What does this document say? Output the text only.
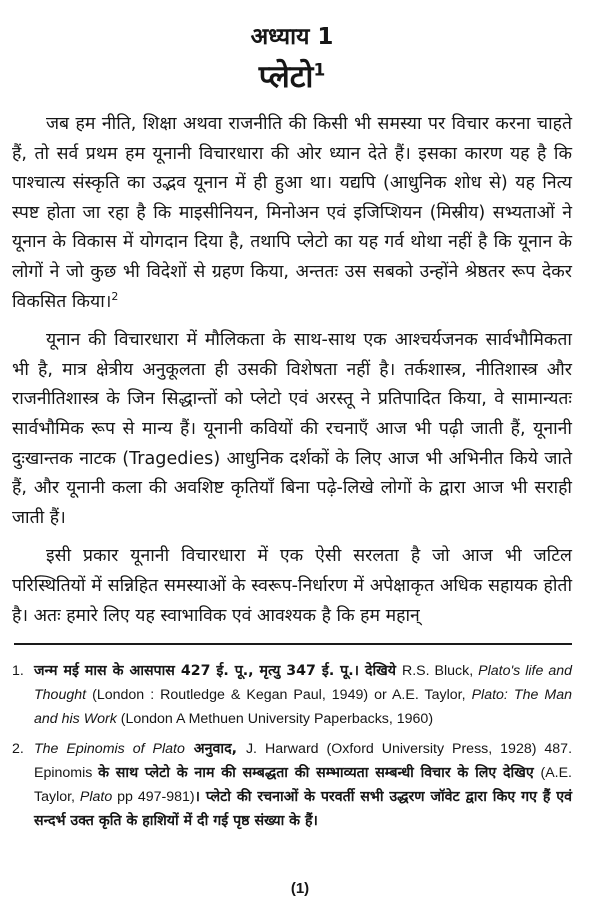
अध्याय 1
प्लेटो$^1$

जब हम नीति, शिक्षा अथवा राजनीति की किसी भी समस्या पर विचार करना चाहते हैं, तो सर्व प्रथम हम यूनानी विचारधारा की ओर ध्यान देते हैं। इसका कारण यह है कि पाश्चात्य संस्कृति का उद्भव यूनान में ही हुआ था। यद्यपि (आधुनिक शोध से) यह नित्य स्पष्ट होता जा रहा है कि माइसीनियन, मिनोअन एवं इजिप्शियन (मिस्रीय) सभ्यताओं ने यूनान के विकास में योगदान दिया है, तथापि प्लेटो का यह गर्व थोथा नहीं है कि यूनान के लोगों ने जो कुछ भी विदेशों से ग्रहण किया, अन्ततः उस सबको उन्होंने श्रेष्ठतर रूप देकर विकसित किया।$^2$

यूनान की विचारधारा में मौलिकता के साथ-साथ एक आश्चर्यजनक सार्वभौमिकता भी है, मात्र क्षेत्रीय अनुकूलता ही उसकी विशेषता नहीं है। तर्कशास्त्र, नीतिशास्त्र और राजनीतिशास्त्र के जिन सिद्धान्तों को प्लेटो एवं अरस्तू ने प्रतिपादित किया, वे सामान्यतः सार्वभौमिक रूप से मान्य हैं। यूनानी कवियों की रचनाएँ आज भी पढ़ी जाती हैं, यूनानी दुःखान्तक नाटक (Tragedies) आधुनिक दर्शकों के लिए आज भी अभिनीत किये जाते हैं, और यूनानी कला की अवशिष्ट कृतियाँ बिना पढ़े-लिखे लोगों के द्वारा आज भी सराही जाती हैं।

इसी प्रकार यूनानी विचारधारा में एक ऐसी सरलता है जो आज भी जटिल परिस्थितियों में सन्निहित समस्याओं के स्वरूप-निर्धारण में अपेक्षाकृत अधिक सहायक होती है। अतः हमारे लिए यह स्वाभाविक एवं आवश्यक है कि हम महान्

1. जन्म मई मास के आसपास 427 ई. पू., मृत्यु 347 ई. पू.। देखिये R.S. Bluck, Plato's life and Thought (London : Routledge & Kegan Paul, 1949) or A.E. Taylor, Plato: The Man and his Work (London A Methuen University Paperbacks, 1960)
2. The Epinomis of Plato अनुवाद, J. Harward (Oxford University Press, 1928) 487. Epinomis के साथ प्लेटो के नाम की सम्बद्धता की सम्भाव्यता सम्बन्धी विचार के लिए देखिए (A.E. Taylor, Plato pp 497-981)। प्लेटो की रचनाओं के परवर्ती सभी उद्धरण जॉवेट द्वारा किए गए हैं एवं सन्दर्भ उक्त कृति के हाशियों में दी गई पृष्ठ संख्या के हैं।
(1)
